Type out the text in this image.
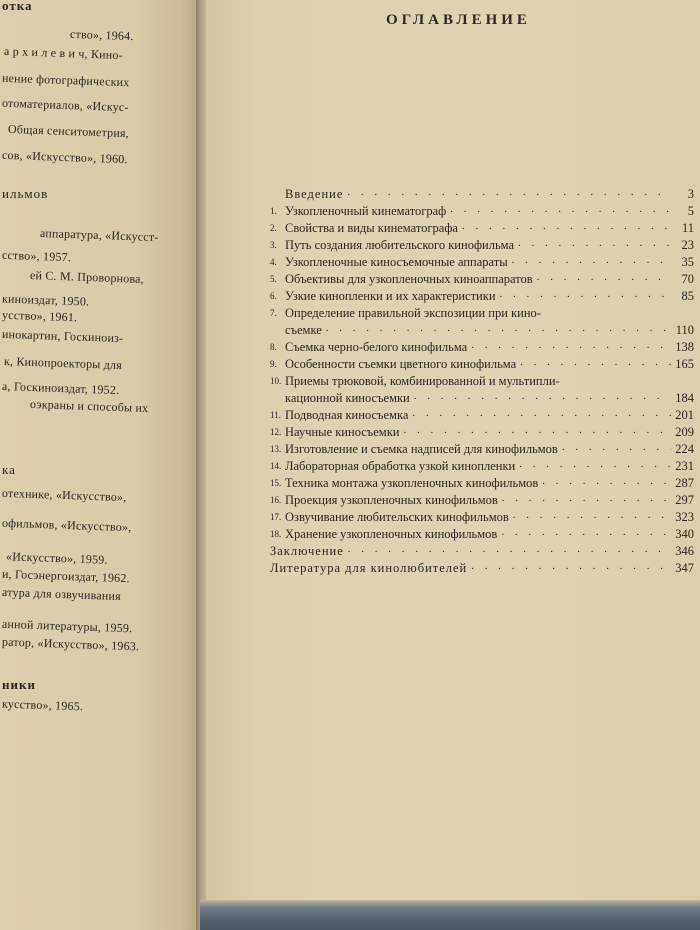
отка
ство», 1964.
а р х и л е в и ч, Кино-
нение фотографических
отоматериалов, «Искус-
Общая сенситометрия,
сов, «Искусство», 1960.
ильмов
аппаратура, «Искусст-
сство», 1957.
ей С. М. Проворнова,
киноиздат, 1950.
усство», 1961.
инокартин, Госкиноиз-
к, Кинопроекторы для
а, Госкиноиздат, 1952.
оэкраны и способы их
ка
отехнике, «Искусство»,
офильмов, «Искусство»,
«Искусство», 1959.
и, Госэнергоиздат, 1962.
атура для озвучивания
анной литературы, 1959.
ратор, «Искусство», 1963.
ники
кусство», 1965.
ОГЛАВЛЕНИЕ
Введение . . .	3
1. Узкопленочный кинематограф . . .	5
2. Свойства и виды кинематографа . . .	11
3. Путь создания любительского кинофильма . . .	23
4. Узкопленочные киносъемочные аппараты . . .	35
5. Объективы для узкопленочных киноаппаратов . . .	70
6. Узкие кинопленки и их характеристики . . .	85
7. Определение правильной экспозиции при кино-
съемке . . .	110
8. Съемка черно-белого кинофильма . . .	138
9. Особенности съемки цветного кинофильма . . .	165
10. Приемы трюковой, комбинированной и мультипли-
кационной киносъемки . . .	184
11. Подводная киносъемка . . .	201
12. Научные киносъемки . . .	209
13. Изготовление и съемка надписей для кинофильмов . . .	224
14. Лабораторная обработка узкой кинопленки . . .	231
15. Техника монтажа узкопленочных кинофильмов . . .	287
16. Проекция узкопленочных кинофильмов . . .	297
17. Озвучивание любительских кинофильмов . . .	323
18. Хранение узкопленочных кинофильмов . . .	340
Заключение . . .	346
Литература для кинолюбителей . . .	347
